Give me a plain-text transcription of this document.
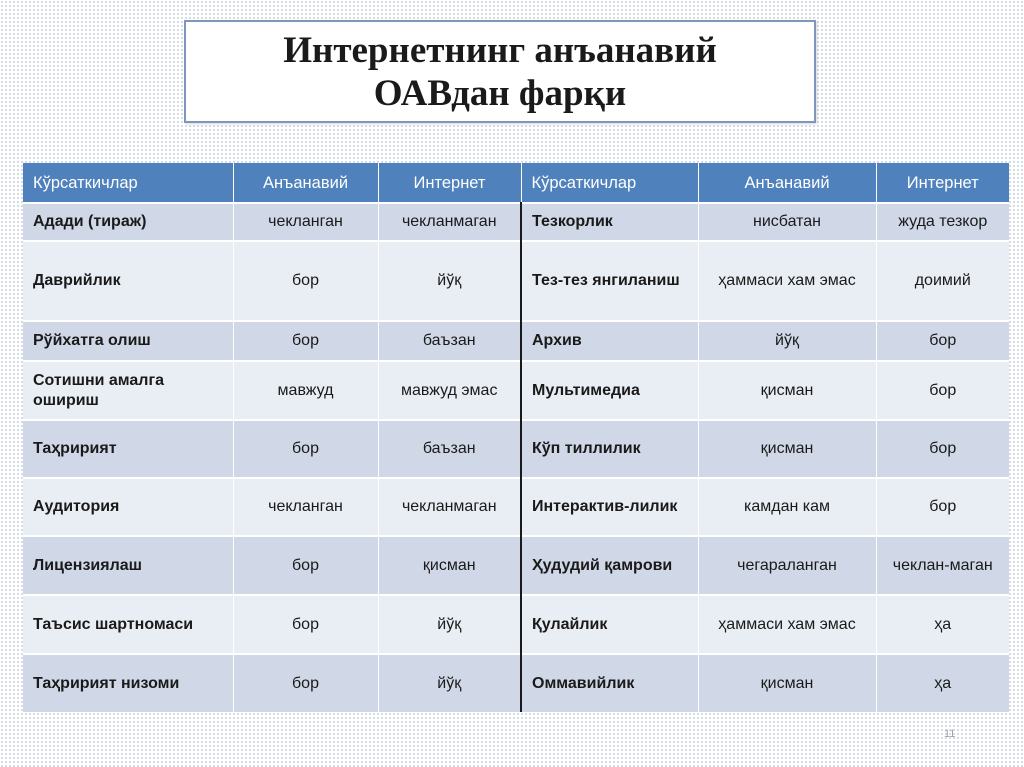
Интернетнинг анъанавий
ОАВдан фарқи
Кўрсаткичлар	Анъанавий	Интернет	Кўрсаткичлар	Анъанавий	Интернет
Адади (тираж)	чекланган	чекланмаган	Тезкорлик	нисбатан	жуда тезкор
Даврийлик	бор	йўқ	Тез-тез янгиланиш	ҳаммаси хам эмас	доимий
Рўйхатга олиш	бор	баъзан	Архив	йўқ	бор
Сотишни амалга ошириш	мавжуд	мавжуд эмас	Мультимедиа	қисман	бор
Таҳририят	бор	баъзан	Кўп тиллилик	қисман	бор
Аудитория	чекланган	чекланмаган	Интерактив-лилик	камдан кам	бор
Лицензиялаш	бор	қисман	Ҳудудий қамрови	чегараланган	чеклан-маган
Таъсис шартномаси	бор	йўқ	Қулайлик	ҳаммаси хам эмас	ҳа
Таҳририят низоми	бор	йўқ	Оммавийлик	қисман	ҳа
11
